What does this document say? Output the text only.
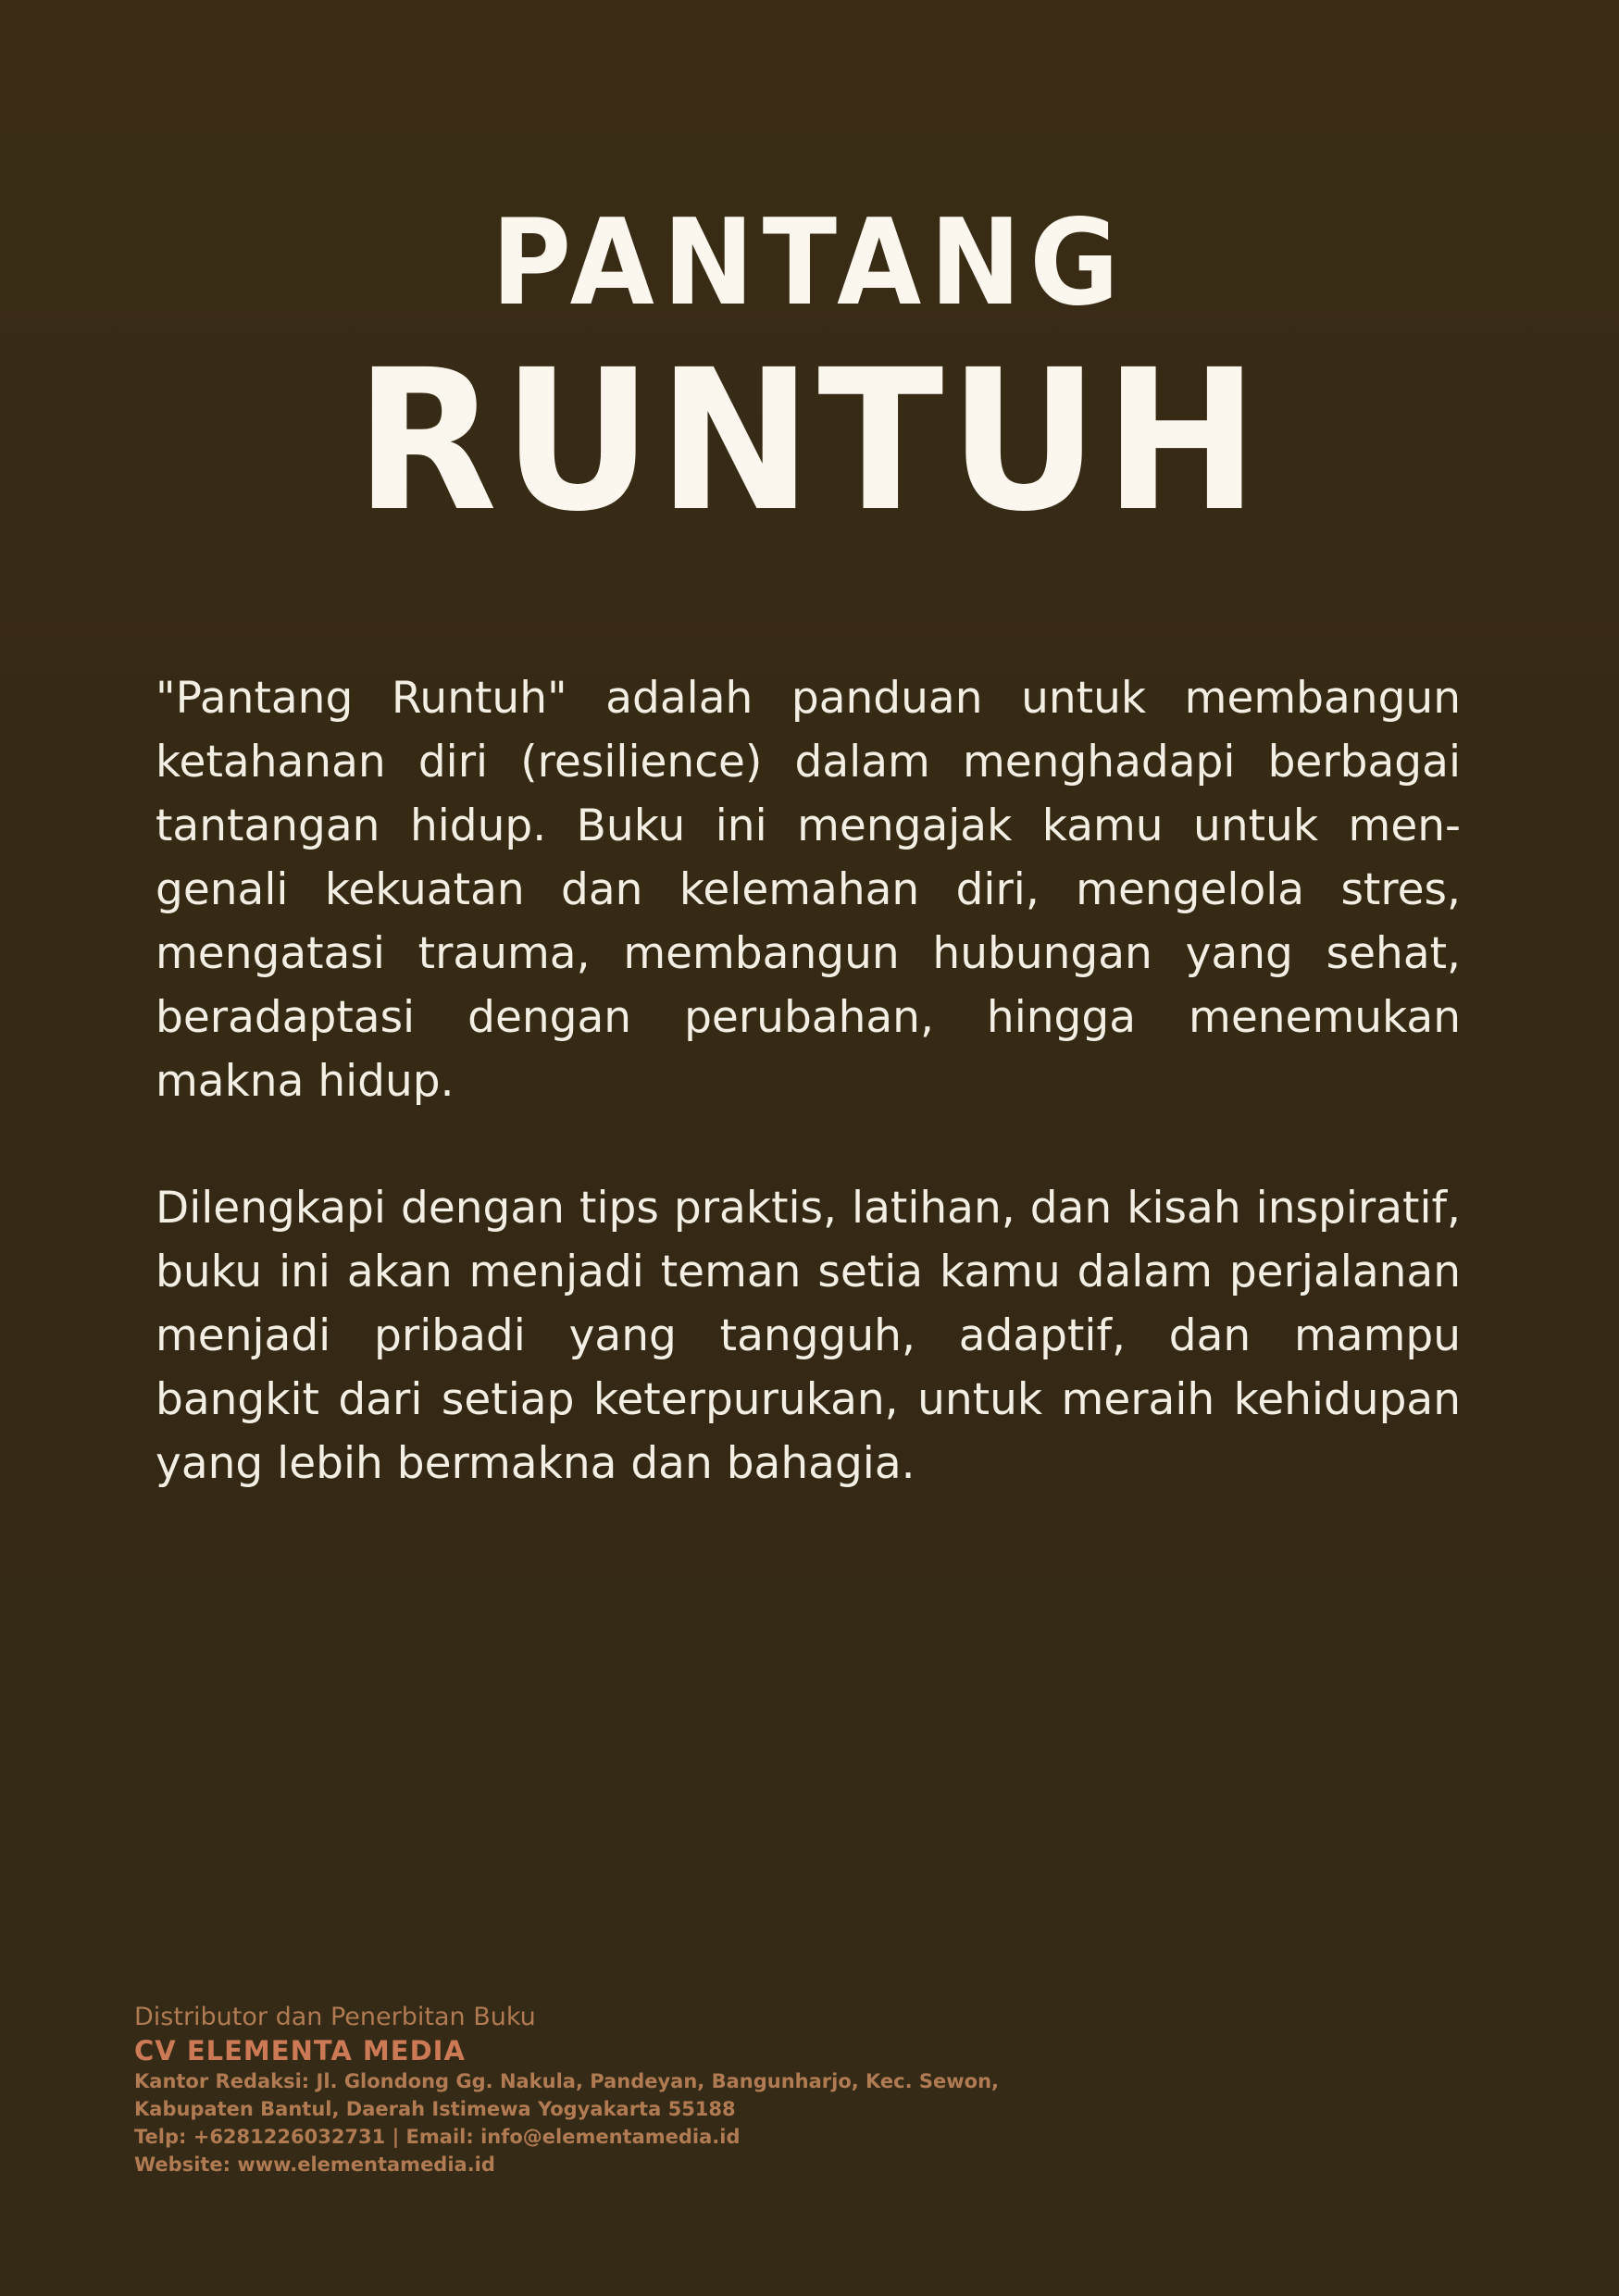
PANTANG
RUNTUH

"Pantang Runtuh" adalah panduan untuk membangun ketahanan diri (resilience) dalam menghadapi berbagai tantangan hidup. Buku ini mengajak kamu untuk mengenali kekuatan dan kelemahan diri, mengelola stres, mengatasi trauma, membangun hubungan yang sehat, beradaptasi dengan perubahan, hingga menemukan makna hidup.

Dilengkapi dengan tips praktis, latihan, dan kisah inspiratif, buku ini akan menjadi teman setia kamu dalam perjalanan menjadi pribadi yang tangguh, adaptif, dan mampu bangkit dari setiap keterpurukan, untuk meraih kehidupan yang lebih bermakna dan bahagia.

Distributor dan Penerbitan Buku
CV ELEMENTA MEDIA
Kantor Redaksi: Jl. Glondong Gg. Nakula, Pandeyan, Bangunharjo, Kec. Sewon,
Kabupaten Bantul, Daerah Istimewa Yogyakarta 55188
Telp: +6281226032731 | Email: info@elementamedia.id
Website: www.elementamedia.id
